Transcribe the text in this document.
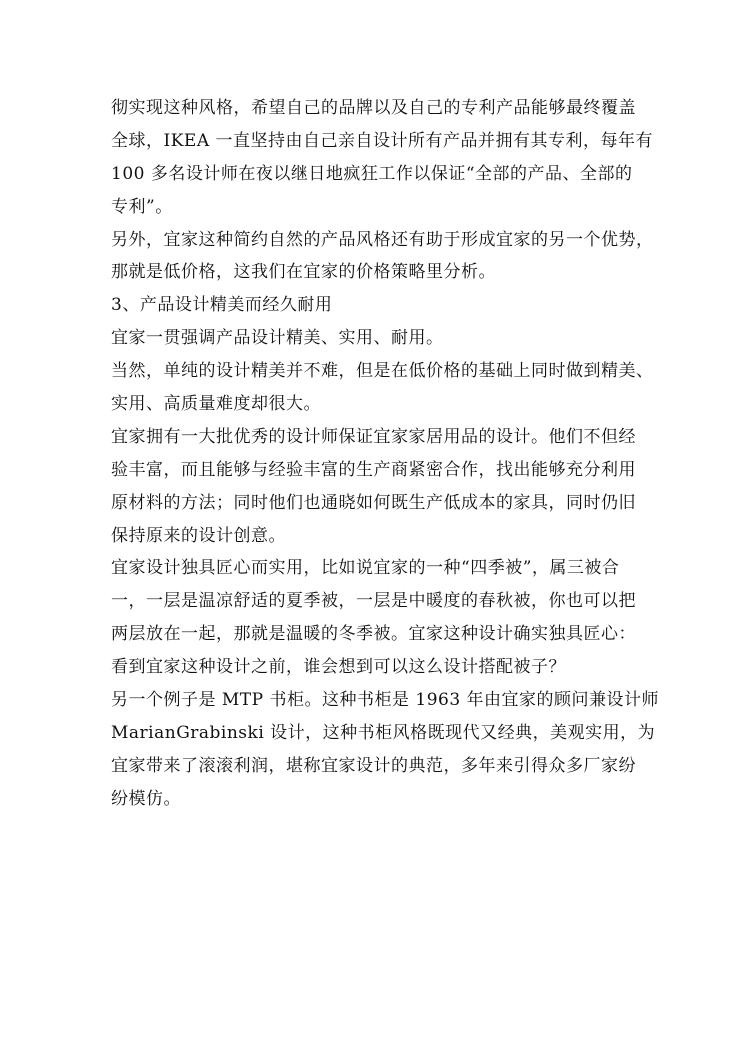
彻实现这种风格，希望自己的品牌以及自己的专利产品能够最终覆盖
全球，IKEA 一直坚持由自己亲自设计所有产品并拥有其专利，每年有
100 多名设计师在夜以继日地疯狂工作以保证“全部的产品、全部的
专利”。

另外，宜家这种简约自然的产品风格还有助于形成宜家的另一个优势，
那就是低价格，这我们在宜家的价格策略里分析。

3、产品设计精美而经久耐用

宜家一贯强调产品设计精美、实用、耐用。

当然，单纯的设计精美并不难，但是在低价格的基础上同时做到精美、
实用、高质量难度却很大。

宜家拥有一大批优秀的设计师保证宜家家居用品的设计。他们不但经
验丰富，而且能够与经验丰富的生产商紧密合作，找出能够充分利用
原材料的方法；同时他们也通晓如何既生产低成本的家具，同时仍旧
保持原来的设计创意。

宜家设计独具匠心而实用，比如说宜家的一种“四季被”，属三被合
一，一层是温凉舒适的夏季被，一层是中暖度的春秋被，你也可以把
两层放在一起，那就是温暖的冬季被。宜家这种设计确实独具匠心：
看到宜家这种设计之前，谁会想到可以这么设计搭配被子？

另一个例子是 MTP 书柜。这种书柜是 1963 年由宜家的顾问兼设计师
MarianGrabinski 设计，这种书柜风格既现代又经典，美观实用，为
宜家带来了滚滚利润，堪称宜家设计的典范，多年来引得众多厂家纷
纷模仿。
